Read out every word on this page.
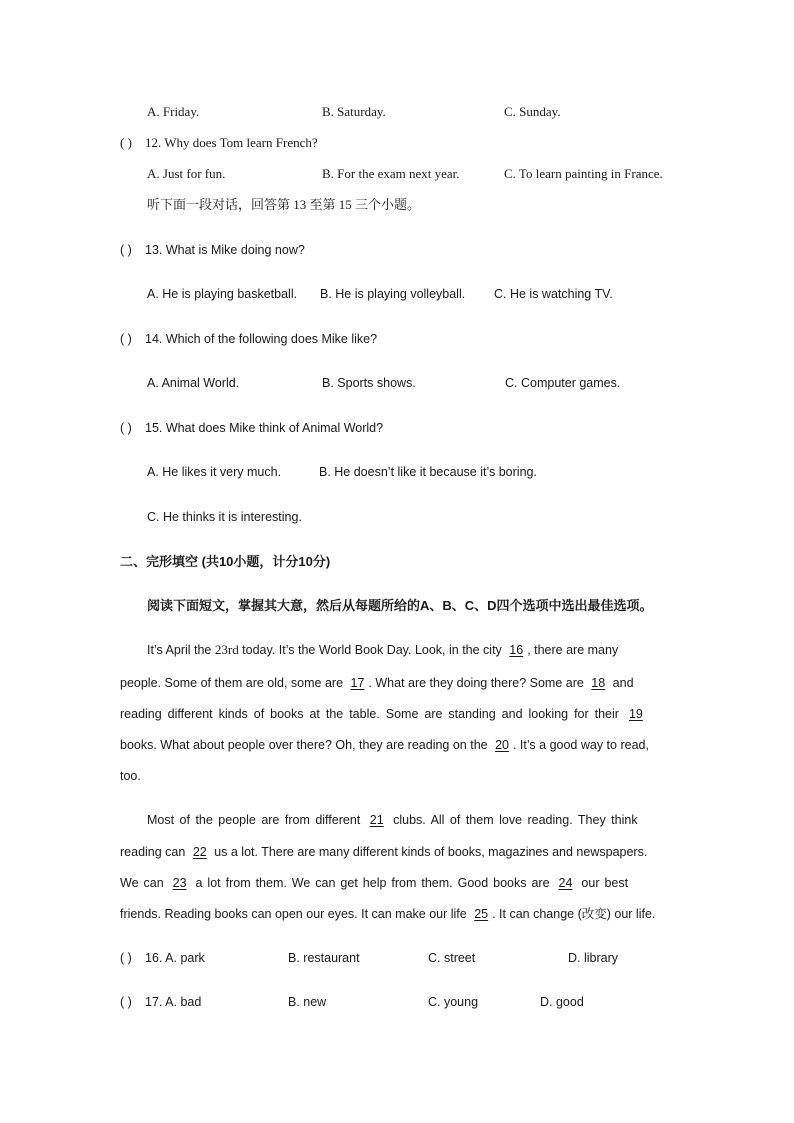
A. Friday.	B. Saturday.	C. Sunday.
( ) 12. Why does Tom learn French?
A. Just for fun.	B. For the exam next year.	C. To learn painting in France.
听下面一段对话，回答第 13 至第 15 三个小题。
( ) 13. What is Mike doing now?
A. He is playing basketball. B. He is playing volleyball. C. He is watching TV.
( ) 14. Which of the following does Mike like?
A. Animal World.	B. Sports shows.	C. Computer games.
( ) 15. What does Mike think of Animal World?
A. He likes it very much.	B. He doesn’t like it because it’s boring.
C. He thinks it is interesting.
二、完形填空 (共10小题，计分10分)
阅读下面短文，掌握其大意，然后从每题所给的A、B、C、D四个选项中选出最佳选项。
It’s April the 23rd today. It’s the World Book Day. Look, in the city 16 , there are many
people. Some of them are old, some are 17 . What are they doing there? Some are 18 and
reading different kinds of books at the table. Some are standing and looking for their 19
books. What about people over there? Oh, they are reading on the 20 . It’s a good way to read,
too.
Most of the people are from different 21 clubs. All of them love reading. They think
reading can 22 us a lot. There are many different kinds of books, magazines and newspapers.
We can 23 a lot from them. We can get help from them. Good books are 24 our best
friends. Reading books can open our eyes. It can make our life 25 . It can change (改变) our life.
( ) 16. A. park	B. restaurant	C. street	D. library
( ) 17. A. bad	B. new	C. young	D. good
